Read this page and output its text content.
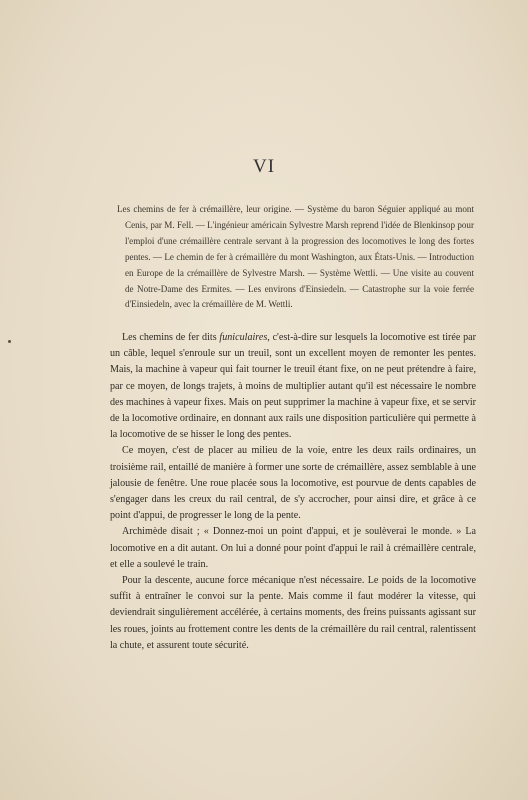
VI
Les chemins de fer à crémaillère, leur origine. — Système du baron Séguier appliqué au mont Cenis, par M. Fell. — L'ingénieur américain Sylvestre Marsh reprend l'idée de Blenkinsop pour l'emploi d'une crémaillère centrale servant à la progression des locomotives le long des fortes pentes. — Le chemin de fer à crémaillère du mont Washington, aux États-Unis. — Introduction en Europe de la crémaillère de Sylvestre Marsh. — Système Wettli. — Une visite au couvent de Notre-Dame des Ermites. — Les environs d'Einsiedeln. — Catastrophe sur la voie ferrée d'Einsiedeln, avec la crémaillère de M. Wettli.

Les chemins de fer dits funiculaires, c'est-à-dire sur lesquels la locomotive est tirée par un câble, lequel s'enroule sur un treuil, sont un excellent moyen de remonter les pentes. Mais, la machine à vapeur qui fait tourner le treuil étant fixe, on ne peut prétendre à faire, par ce moyen, de longs trajets, à moins de multiplier autant qu'il est nécessaire le nombre des machines à vapeur fixes. Mais on peut supprimer la machine à vapeur fixe, et se servir de la locomotive ordinaire, en donnant aux rails une disposition particulière qui permette à la locomotive de se hisser le long des pentes.

Ce moyen, c'est de placer au milieu de la voie, entre les deux rails ordinaires, un troisième rail, entaillé de manière à former une sorte de crémaillère, assez semblable à une jalousie de fenêtre. Une roue placée sous la locomotive, est pourvue de dents capables de s'engager dans les creux du rail central, de s'y accrocher, pour ainsi dire, et grâce à ce point d'appui, de progresser le long de la pente.

Archimède disait ; « Donnez-moi un point d'appui, et je soulèverai le monde. » La locomotive en a dit autant. On lui a donné pour point d'appui le rail à crémaillère centrale, et elle a soulevé le train.

Pour la descente, aucune force mécanique n'est nécessaire. Le poids de la locomotive suffit à entraîner le convoi sur la pente. Mais comme il faut modérer la vitesse, qui deviendrait singulièrement accélérée, à certains moments, des freins puissants agissant sur les roues, joints au frottement contre les dents de la crémaillère du rail central, ralentissent la chute, et assurent toute sécurité.
